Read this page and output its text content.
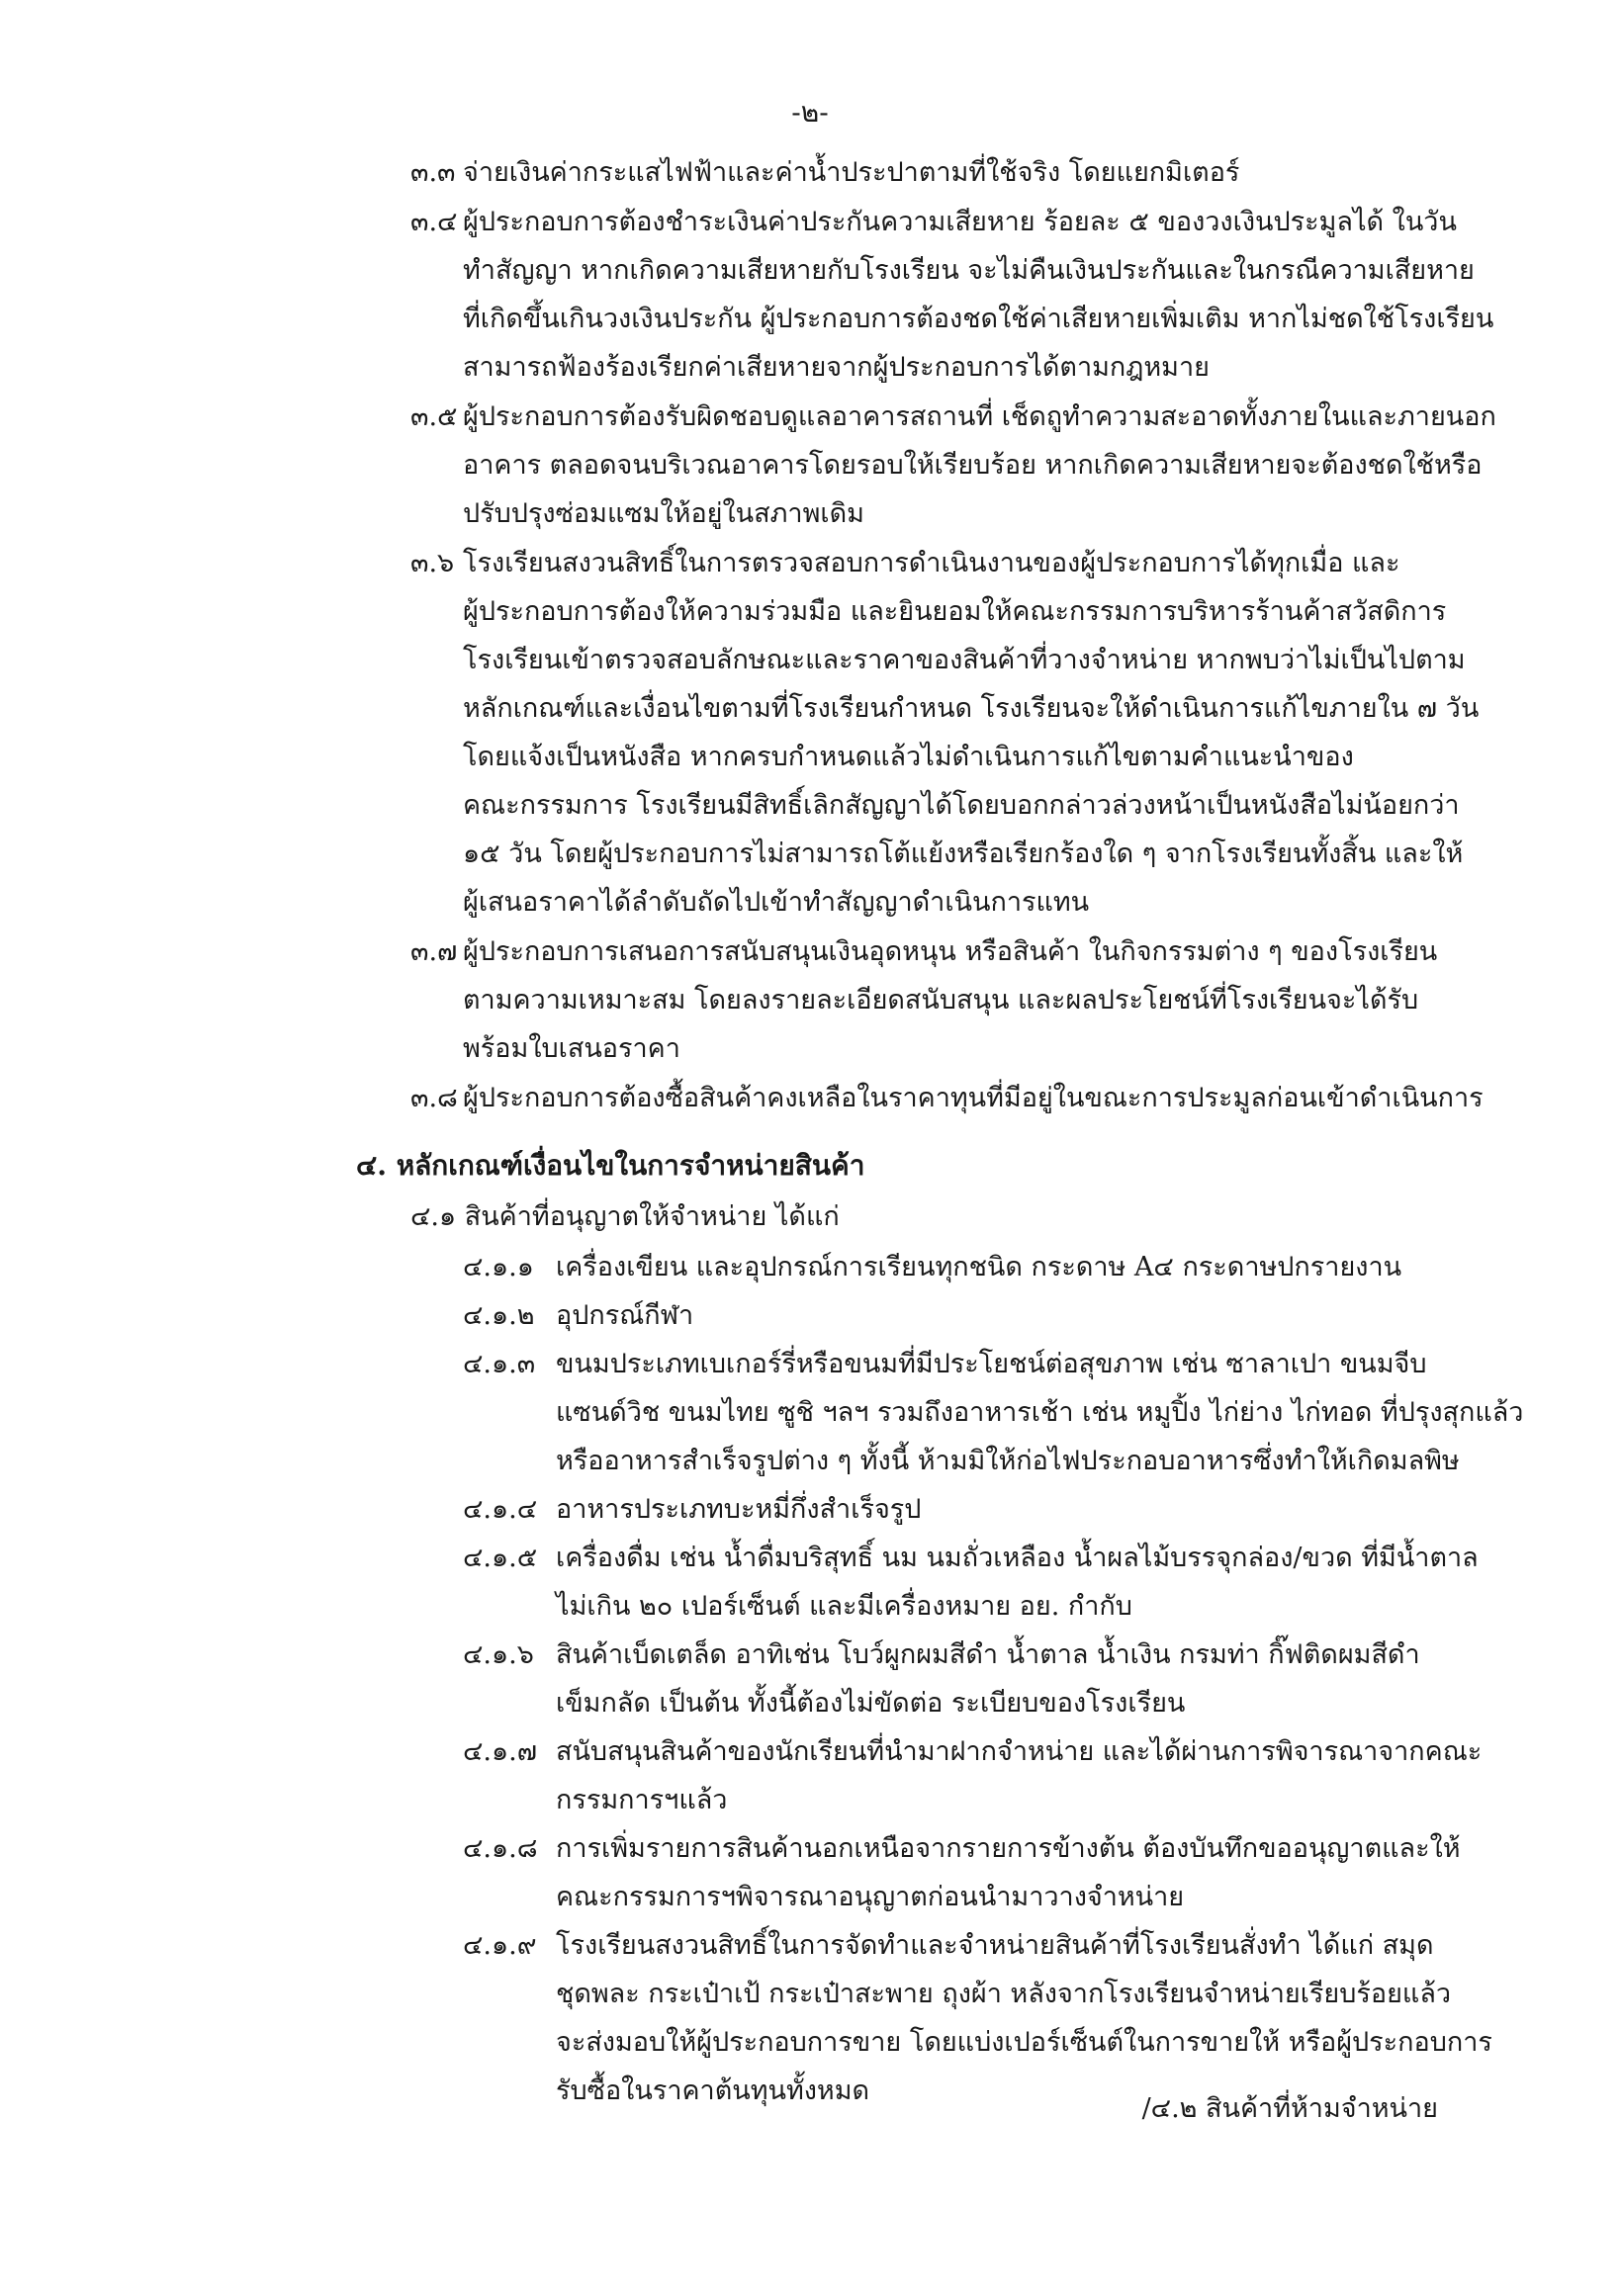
-๒-
๓.๓ จ่ายเงินค่ากระแสไฟฟ้าและค่าน้ำประปาตามที่ใช้จริง โดยแยกมิเตอร์
๓.๔ ผู้ประกอบการต้องชำระเงินค่าประกันความเสียหาย ร้อยละ ๕ ของวงเงินประมูลได้ ในวัน
ทำสัญญา หากเกิดความเสียหายกับโรงเรียน จะไม่คืนเงินประกันและในกรณีความเสียหาย
ที่เกิดขึ้นเกินวงเงินประกัน ผู้ประกอบการต้องชดใช้ค่าเสียหายเพิ่มเติม หากไม่ชดใช้โรงเรียน
สามารถฟ้องร้องเรียกค่าเสียหายจากผู้ประกอบการได้ตามกฎหมาย
๓.๕ ผู้ประกอบการต้องรับผิดชอบดูแลอาคารสถานที่ เช็ดถูทำความสะอาดทั้งภายในและภายนอก
อาคาร ตลอดจนบริเวณอาคารโดยรอบให้เรียบร้อย หากเกิดความเสียหายจะต้องชดใช้หรือ
ปรับปรุงซ่อมแซมให้อยู่ในสภาพเดิม
๓.๖ โรงเรียนสงวนสิทธิ์ในการตรวจสอบการดำเนินงานของผู้ประกอบการได้ทุกเมื่อ และ
ผู้ประกอบการต้องให้ความร่วมมือ และยินยอมให้คณะกรรมการบริหารร้านค้าสวัสดิการ
โรงเรียนเข้าตรวจสอบลักษณะและราคาของสินค้าที่วางจำหน่าย หากพบว่าไม่เป็นไปตาม
หลักเกณฑ์และเงื่อนไขตามที่โรงเรียนกำหนด โรงเรียนจะให้ดำเนินการแก้ไขภายใน ๗ วัน
โดยแจ้งเป็นหนังสือ หากครบกำหนดแล้วไม่ดำเนินการแก้ไขตามคำแนะนำของ
คณะกรรมการ โรงเรียนมีสิทธิ์เลิกสัญญาได้โดยบอกกล่าวล่วงหน้าเป็นหนังสือไม่น้อยกว่า
๑๕ วัน โดยผู้ประกอบการไม่สามารถโต้แย้งหรือเรียกร้องใด ๆ จากโรงเรียนทั้งสิ้น และให้
ผู้เสนอราคาได้ลำดับถัดไปเข้าทำสัญญาดำเนินการแทน
๓.๗ ผู้ประกอบการเสนอการสนับสนุนเงินอุดหนุน หรือสินค้า ในกิจกรรมต่าง ๆ ของโรงเรียน
ตามความเหมาะสม โดยลงรายละเอียดสนับสนุน และผลประโยชน์ที่โรงเรียนจะได้รับ
พร้อมใบเสนอราคา
๓.๘ ผู้ประกอบการต้องซื้อสินค้าคงเหลือในราคาทุนที่มีอยู่ในขณะการประมูลก่อนเข้าดำเนินการ
๔. หลักเกณฑ์เงื่อนไขในการจำหน่ายสินค้า
๔.๑ สินค้าที่อนุญาตให้จำหน่าย ได้แก่
๔.๑.๑ เครื่องเขียน และอุปกรณ์การเรียนทุกชนิด กระดาษ A๔ กระดาษปกรายงาน
๔.๑.๒ อุปกรณ์กีฬา
๔.๑.๓ ขนมประเภทเบเกอร์รี่หรือขนมที่มีประโยชน์ต่อสุขภาพ เช่น ซาลาเปา ขนมจีบ
แซนด์วิช ขนมไทย ซูชิ ฯลฯ รวมถึงอาหารเช้า เช่น หมูปิ้ง ไก่ย่าง ไก่ทอด ที่ปรุงสุกแล้ว
หรืออาหารสำเร็จรูปต่าง ๆ ทั้งนี้ ห้ามมิให้ก่อไฟประกอบอาหารซึ่งทำให้เกิดมลพิษ
๔.๑.๔ อาหารประเภทบะหมี่กึ่งสำเร็จรูป
๔.๑.๕ เครื่องดื่ม เช่น น้ำดื่มบริสุทธิ์ นม นมถั่วเหลือง น้ำผลไม้บรรจุกล่อง/ขวด ที่มีน้ำตาล
ไม่เกิน ๒๐ เปอร์เซ็นต์ และมีเครื่องหมาย อย. กำกับ
๔.๑.๖ สินค้าเบ็ดเตล็ด อาทิเช่น โบว์ผูกผมสีดำ น้ำตาล น้ำเงิน กรมท่า กิ๊ฟติดผมสีดำ
เข็มกลัด เป็นต้น ทั้งนี้ต้องไม่ขัดต่อ ระเบียบของโรงเรียน
๔.๑.๗ สนับสนุนสินค้าของนักเรียนที่นำมาฝากจำหน่าย และได้ผ่านการพิจารณาจากคณะ
กรรมการฯแล้ว
๔.๑.๘ การเพิ่มรายการสินค้านอกเหนือจากรายการข้างต้น ต้องบันทึกขออนุญาตและให้
คณะกรรมการฯพิจารณาอนุญาตก่อนนำมาวางจำหน่าย
๔.๑.๙ โรงเรียนสงวนสิทธิ์ในการจัดทำและจำหน่ายสินค้าที่โรงเรียนสั่งทำ ได้แก่ สมุด
ชุดพละ กระเป๋าเป้ กระเป๋าสะพาย ถุงผ้า หลังจากโรงเรียนจำหน่ายเรียบร้อยแล้ว
จะส่งมอบให้ผู้ประกอบการขาย โดยแบ่งเปอร์เซ็นต์ในการขายให้ หรือผู้ประกอบการ
รับซื้อในราคาต้นทุนทั้งหมด
/๔.๒ สินค้าที่ห้ามจำหน่าย
